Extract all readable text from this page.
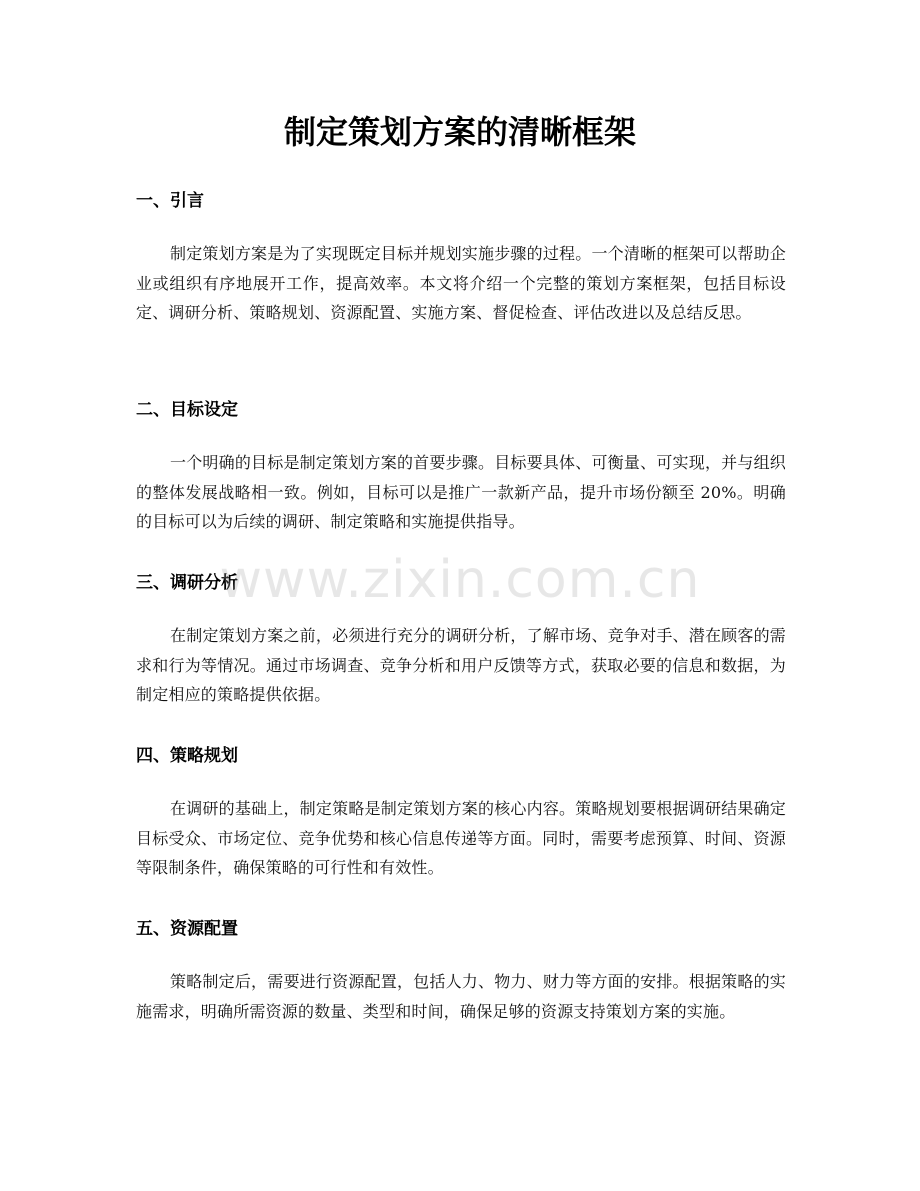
制定策划方案的清晰框架
一、引言

制定策划方案是为了实现既定目标并规划实施步骤的过程。一个清晰的框架可以帮助企业或组织有序地展开工作，提高效率。本文将介绍一个完整的策划方案框架，包括目标设定、调研分析、策略规划、资源配置、实施方案、督促检查、评估改进以及总结反思。

二、目标设定

一个明确的目标是制定策划方案的首要步骤。目标要具体、可衡量、可实现，并与组织的整体发展战略相一致。例如，目标可以是推广一款新产品，提升市场份额至 20%。明确的目标可以为后续的调研、制定策略和实施提供指导。

三、调研分析

在制定策划方案之前，必须进行充分的调研分析，了解市场、竞争对手、潜在顾客的需求和行为等情况。通过市场调查、竞争分析和用户反馈等方式，获取必要的信息和数据，为制定相应的策略提供依据。

四、策略规划

在调研的基础上，制定策略是制定策划方案的核心内容。策略规划要根据调研结果确定目标受众、市场定位、竞争优势和核心信息传递等方面。同时，需要考虑预算、时间、资源等限制条件，确保策略的可行性和有效性。

五、资源配置

策略制定后，需要进行资源配置，包括人力、物力、财力等方面的安排。根据策略的实施需求，明确所需资源的数量、类型和时间，确保足够的资源支持策划方案的实施。

www.zixin.com.cn
